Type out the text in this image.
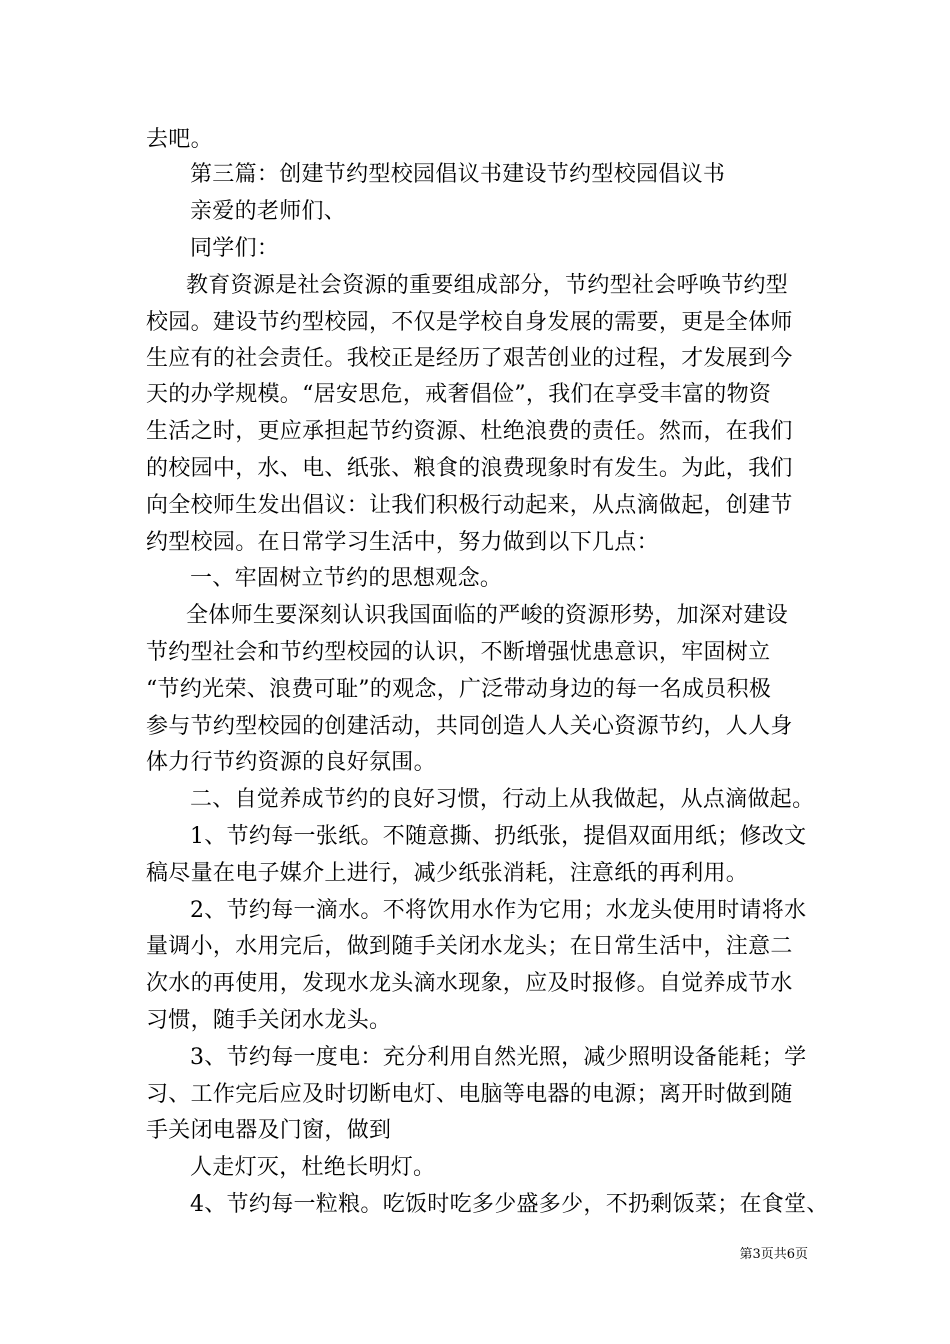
去吧。
第三篇：创建节约型校园倡议书建设节约型校园倡议书
亲爱的老师们、
同学们：
教育资源是社会资源的重要组成部分，节约型社会呼唤节约型
校园。建设节约型校园，不仅是学校自身发展的需要，更是全体师
生应有的社会责任。我校正是经历了艰苦创业的过程，才发展到今
天的办学规模。“居安思危，戒奢倡俭”，我们在享受丰富的物资
生活之时，更应承担起节约资源、杜绝浪费的责任。然而，在我们
的校园中，水、电、纸张、粮食的浪费现象时有发生。为此，我们
向全校师生发出倡议：让我们积极行动起来，从点滴做起，创建节
约型校园。在日常学习生活中，努力做到以下几点：
一、牢固树立节约的思想观念。
全体师生要深刻认识我国面临的严峻的资源形势，加深对建设
节约型社会和节约型校园的认识，不断增强忧患意识，牢固树立
“节约光荣、浪费可耻”的观念，广泛带动身边的每一名成员积极
参与节约型校园的创建活动，共同创造人人关心资源节约，人人身
体力行节约资源的良好氛围。
二、自觉养成节约的良好习惯，行动上从我做起，从点滴做起。
1、节约每一张纸。不随意撕、扔纸张，提倡双面用纸；修改文
稿尽量在电子媒介上进行，减少纸张消耗，注意纸的再利用。
2、节约每一滴水。不将饮用水作为它用；水龙头使用时请将水
量调小，水用完后，做到随手关闭水龙头；在日常生活中，注意二
次水的再使用，发现水龙头滴水现象，应及时报修。自觉养成节水
习惯，随手关闭水龙头。
3、节约每一度电：充分利用自然光照，减少照明设备能耗；学
习、工作完后应及时切断电灯、电脑等电器的电源；离开时做到随
手关闭电器及门窗，做到
人走灯灭，杜绝长明灯。
4、节约每一粒粮。吃饭时吃多少盛多少，不扔剩饭菜；在食堂、
第3页共6页
